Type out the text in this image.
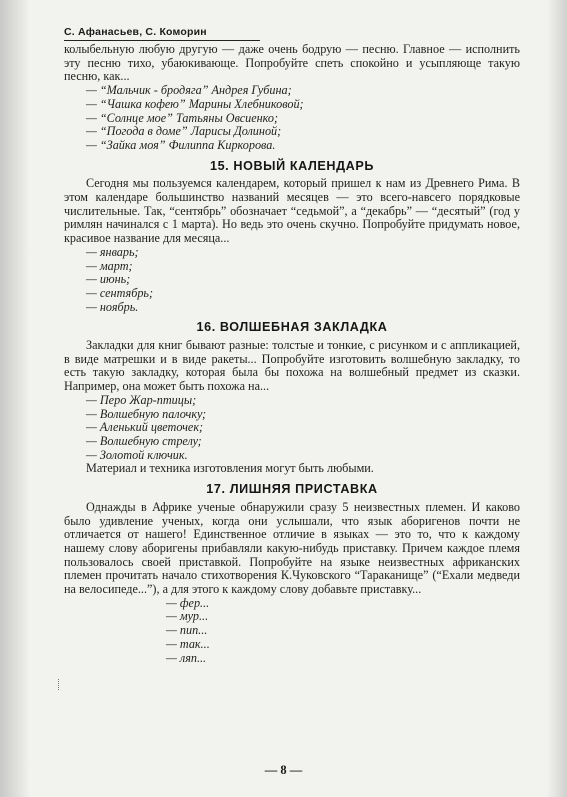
С. Афанасьев, С. Коморин

колыбельную любую другую — даже очень бодрую — песню. Главное — исполнить эту песню тихо, убаюкивающе. Попробуйте спеть спокойно и усыпляюще такую песню, как...

— “Мальчик - бродяга” Андрея Губина;
— “Чашка кофею” Марины Хлебниковой;
— “Солнце мое” Татьяны Овсиенко;
— “Погода в доме” Ларисы Долиной;
— “Зайка моя” Филиппа Киркорова.
15. НОВЫЙ КАЛЕНДАРЬ

Сегодня мы пользуемся календарем, который пришел к нам из Древнего Рима. В этом календаре большинство названий месяцев — это всего-навсего порядковые числительные. Так, “сентябрь” обозначает “седьмой”, а “декабрь” — “десятый” (год у римлян начинался с 1 марта). Но ведь это очень скучно. Попробуйте придумать новое, красивое название для месяца...

— январь;
— март;
— июнь;
— сентябрь;
— ноябрь.
16. ВОЛШЕБНАЯ ЗАКЛАДКА

Закладки для книг бывают разные: толстые и тонкие, с рисунком и с аппликацией, в виде матрешки и в виде ракеты... Попробуйте изготовить волшебную закладку, то есть такую закладку, которая была бы похожа на волшебный предмет из сказки. Например, она может быть похожа на...

— Перо Жар-птицы;
— Волшебную палочку;
— Аленький цветочек;
— Волшебную стрелу;
— Золотой ключик.

Материал и техника изготовления могут быть любыми.

17. ЛИШНЯЯ ПРИСТАВКА

Однажды в Африке ученые обнаружили сразу 5 неизвестных племен. И каково было удивление ученых, когда они услышали, что язык аборигенов почти не отличается от нашего! Единственное отличие в языках — это то, что к каждому нашему слову аборигены прибавляли какую-нибудь приставку. Причем каждое племя пользовалось своей приставкой. Попробуйте на языке неизвестных африканских племен прочитать начало стихотворения К.Чуковского “Тараканище” (“Ехали медведи на велосипеде...”), а для этого к каждому слову добавьте приставку...

— фер...
— мур...
— пип...
— так...
— ляп...
— 8 —
